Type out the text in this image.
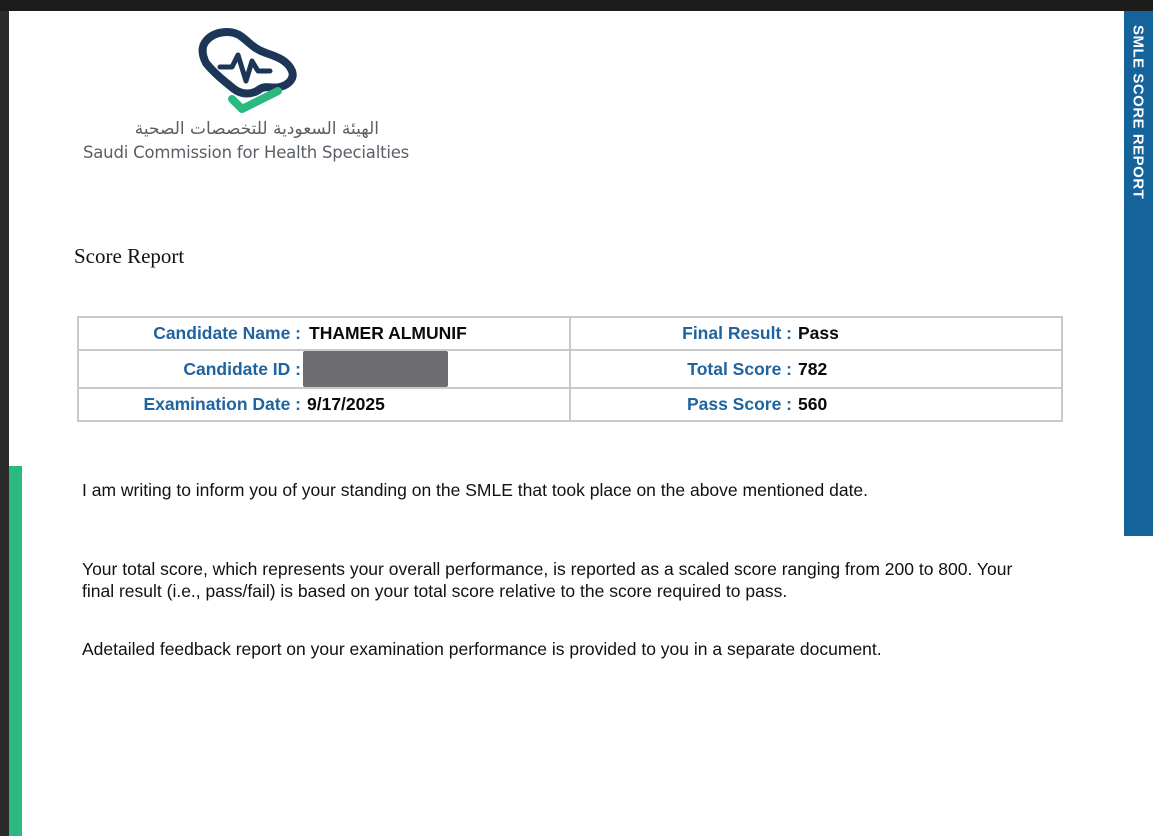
SMLE SCORE REPORT
الهيئة السعودية للتخصصات الصحية
Saudi Commission for Health Specialties
Score Report
Candidate Name : THAMER ALMUNIF	Final Result : Pass

Candidate ID :	Total Score : 782

Examination Date : 9/17/2025	Pass Score : 560
I am writing to inform you of your standing on the SMLE that took place on the above mentioned date.
Your total score, which represents your overall performance, is reported as a scaled score ranging from 200 to 800. Your final result (i.e., pass/fail) is based on your total score relative to the score required to pass.
Adetailed feedback report on your examination performance is provided to you in a separate document.
